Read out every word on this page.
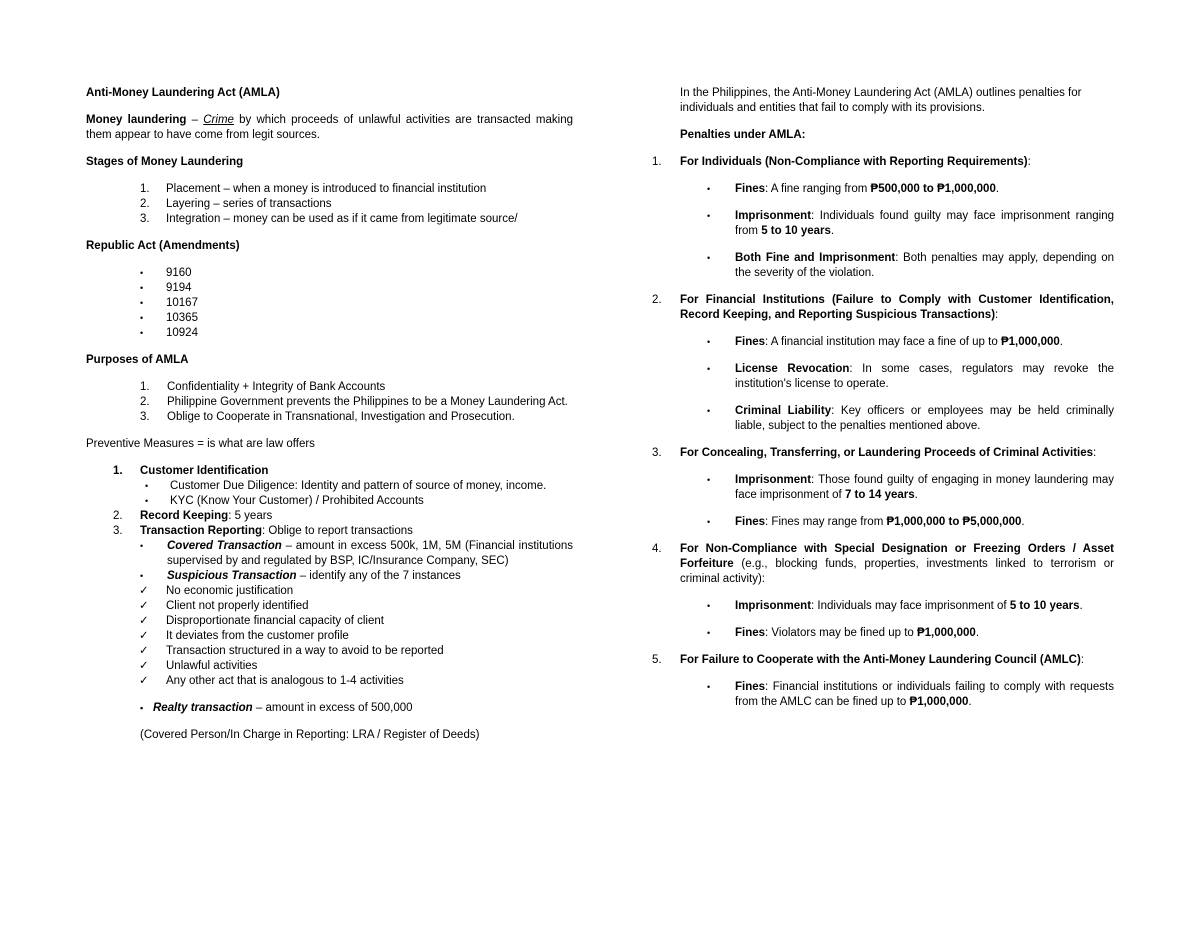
Anti-Money Laundering Act (AMLA)

Money laundering – Crime by which proceeds of unlawful activities are transacted making them appear to have come from legit sources.

Stages of Money Laundering

1. Placement – when a money is introduced to financial institution
2. Layering – series of transactions
3. Integration – money can be used as if it came from legitimate source/

Republic Act (Amendments)

• 9160
• 9194
• 10167
• 10365
• 10924

Purposes of AMLA

1. Confidentiality + Integrity of Bank Accounts
2. Philippine Government prevents the Philippines to be a Money Laundering Act.
3. Oblige to Cooperate in Transnational, Investigation and Prosecution.

Preventive Measures = is what are law offers

1. Customer Identification
• Customer Due Diligence: Identity and pattern of source of money, income.
• KYC (Know Your Customer) / Prohibited Accounts
2. Record Keeping: 5 years
3. Transaction Reporting: Oblige to report transactions
• Covered Transaction – amount in excess 500k, 1M, 5M (Financial institutions supervised by and regulated by BSP, IC/Insurance Company, SEC)
• Suspicious Transaction – identify any of the 7 instances
✓ No economic justification
✓ Client not properly identified
✓ Disproportionate financial capacity of client
✓ It deviates from the customer profile
✓ Transaction structured in a way to avoid to be reported
✓ Unlawful activities
✓ Any other act that is analogous to 1-4 activities
▪ Realty transaction – amount in excess of 500,000
(Covered Person/In Charge in Reporting: LRA / Register of Deeds)

In the Philippines, the Anti-Money Laundering Act (AMLA) outlines penalties for individuals and entities that fail to comply with its provisions.

Penalties under AMLA:

1. For Individuals (Non-Compliance with Reporting Requirements):
• Fines: A fine ranging from ₱500,000 to ₱1,000,000.
• Imprisonment: Individuals found guilty may face imprisonment ranging from 5 to 10 years.
• Both Fine and Imprisonment: Both penalties may apply, depending on the severity of the violation.
2. For Financial Institutions (Failure to Comply with Customer Identification, Record Keeping, and Reporting Suspicious Transactions):
• Fines: A financial institution may face a fine of up to ₱1,000,000.
• License Revocation: In some cases, regulators may revoke the institution's license to operate.
• Criminal Liability: Key officers or employees may be held criminally liable, subject to the penalties mentioned above.
3. For Concealing, Transferring, or Laundering Proceeds of Criminal Activities:
• Imprisonment: Those found guilty of engaging in money laundering may face imprisonment of 7 to 14 years.
• Fines: Fines may range from ₱1,000,000 to ₱5,000,000.
4. For Non-Compliance with Special Designation or Freezing Orders / Asset Forfeiture (e.g., blocking funds, properties, investments linked to terrorism or criminal activity):
• Imprisonment: Individuals may face imprisonment of 5 to 10 years.
• Fines: Violators may be fined up to ₱1,000,000.
5. For Failure to Cooperate with the Anti-Money Laundering Council (AMLC):
• Fines: Financial institutions or individuals failing to comply with requests from the AMLC can be fined up to ₱1,000,000.
